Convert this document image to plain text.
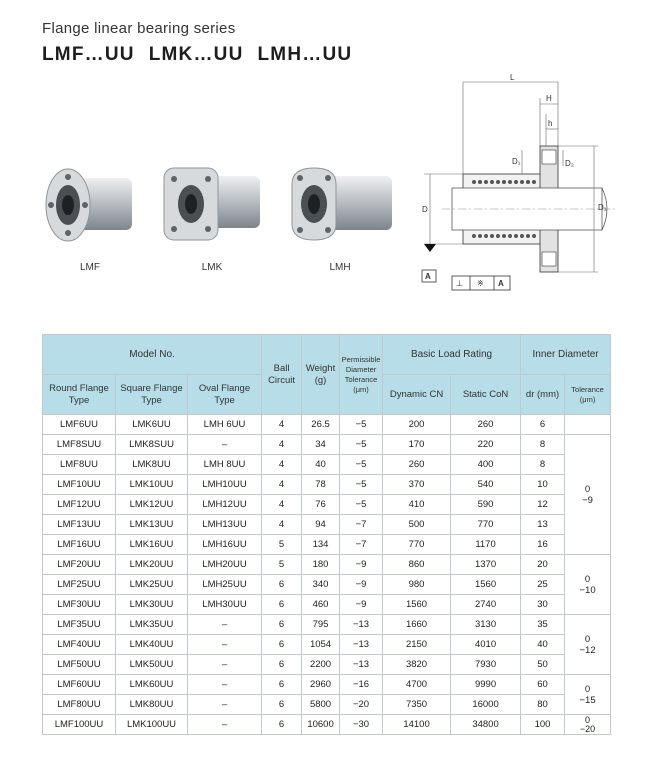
Flange linear bearing series
LMF…UU LMK…UU LMH…UU
LMF	LMK	LMH
L
H
h
D
D₁	D₂
D₁
A
⊥ ※ A
Model No.			Ball Circuit	Weight (g)	Permissible Diameter Tolerance (μm)	Basic Load Rating		Inner Diameter	
Round Flange Type	Square Flange Type	Oval Flange Type				Dynamic CN	Static CoN	dr (mm)	Tolerance (μm)
LMF6UU	LMK6UU	LMH 6UU	4	26.5	−5	200	260	6	

LMF8SUU	LMK8SUU	–	4	34	−5	170	220	8	0
−9

LMF8UU	LMK8UU	LMH 8UU	4	40	−5	260	400	8	
LMF10UU	LMK10UU	LMH10UU	4	78	−5	370	540	10	
LMF12UU	LMK12UU	LMH12UU	4	76	−5	410	590	12	
LMF13UU	LMK13UU	LMH13UU	4	94	−7	500	770	13	
LMF16UU	LMK16UU	LMH16UU	5	134	−7	770	1170	16	
LMF20UU	LMK20UU	LMH20UU	5	180	−9	860	1370	20	0
−10

LMF25UU	LMK25UU	LMH25UU	6	340	−9	980	1560	25	
LMF30UU	LMK30UU	LMH30UU	6	460	−9	1560	2740	30	
LMF35UU	LMK35UU	–	6	795	−13	1660	3130	35	0
−12

LMF40UU	LMK40UU	–	6	1054	−13	2150	4010	40	
LMF50UU	LMK50UU	–	6	2200	−13	3820	7930	50	
LMF60UU	LMK60UU	–	6	2960	−16	4700	9990	60	0
−15

LMF80UU	LMK80UU	–	6	5800	−20	7350	16000	80	
LMF100UU	LMK100UU	–	6	10600	−30	14100	34800	100	0
−20
